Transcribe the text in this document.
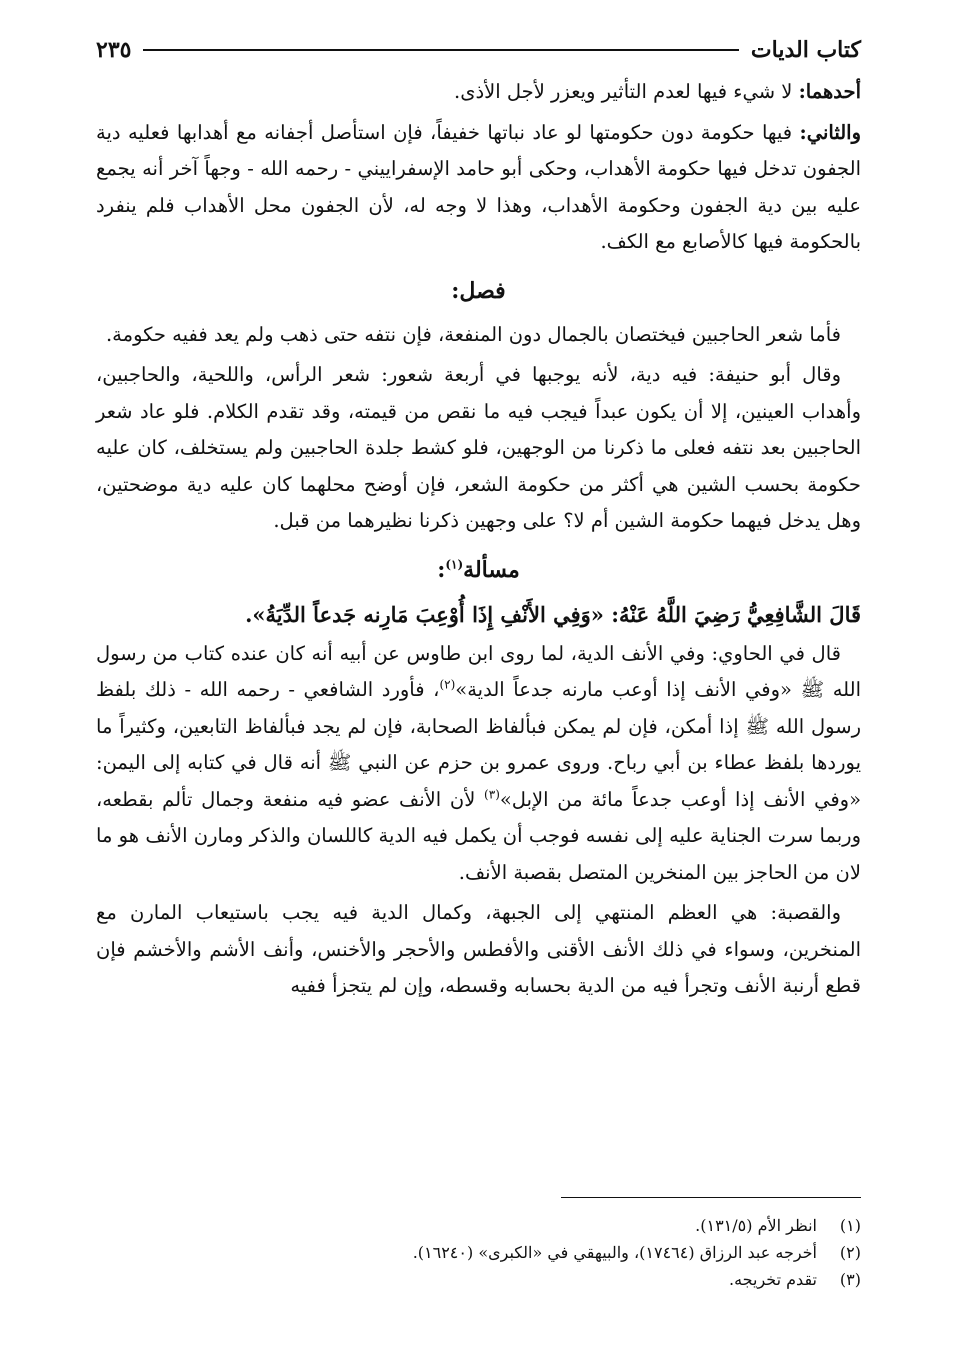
كتاب الديات
٢٣٥

أحدهما: لا شيء فيها لعدم التأثير ويعزر لأجل الأذى.

والثاني: فيها حكومة دون حكومتها لو عاد نباتها خفيفاً، فإن استأصل أجفانه مع أهدابها فعليه دية الجفون تدخل فيها حكومة الأهداب، وحكى أبو حامد الإسفراييني - رحمه الله - وجهاً آخر أنه يجمع عليه بين دية الجفون وحكومة الأهداب، وهذا لا وجه له، لأن الجفون محل الأهداب فلم ينفرد بالحكومة فيها كالأصابع مع الكف.

فصل:

فأما شعر الحاجبين فيختصان بالجمال دون المنفعة، فإن نتفه حتى ذهب ولم يعد ففيه حكومة.

وقال أبو حنيفة: فيه دية، لأنه يوجبها في أربعة شعور: شعر الرأس، واللحية، والحاجبين، وأهداب العينين، إلا أن يكون عبداً فيجب فيه ما نقص من قيمته، وقد تقدم الكلام. فلو عاد شعر الحاجبين بعد نتفه فعلى ما ذكرنا من الوجهين، فلو كشط جلدة الحاجبين ولم يستخلف، كان عليه حكومة بحسب الشين هي أكثر من حكومة الشعر، فإن أوضح محلهما كان عليه دية موضحتين، وهل يدخل فيهما حكومة الشين أم لا؟ على وجهين ذكرنا نظيرهما من قبل.

مسألة$^{(١)}$:

قَالَ الشَّافِعِيُّ رَضِيَ اللَّهُ عَنْهُ: «وَفِي الأَنْفِ إِذَا أُوْعِبَ مَارِنه جَدعاً الدِّيَةُ».

قال في الحاوي: وفي الأنف الدية، لما روى ابن طاوس عن أبيه أنه كان عنده كتاب من رسول الله ﷺ «وفي الأنف إذا أوعب مارنه جدعاً الدية»$^{(٢)}$، فأورد الشافعي - رحمه الله - ذلك بلفظ رسول الله ﷺ إذا أمكن، فإن لم يمكن فبألفاظ الصحابة، فإن لم يجد فبألفاظ التابعين، وكثيراً ما يوردها بلفظ عطاء بن أبي رباح. وروى عمرو بن حزم عن النبي ﷺ أنه قال في كتابه إلى اليمن: «وفي الأنف إذا أوعب جدعاً مائة من الإبل»$^{(٣)}$ لأن الأنف عضو فيه منفعة وجمال تألم بقطعه، وربما سرت الجناية عليه إلى نفسه فوجب أن يكمل فيه الدية كاللسان والذكر ومارن الأنف هو ما لان من الحاجز بين المنخرين المتصل بقصبة الأنف.

والقصبة: هي العظم المنتهي إلى الجبهة، وكمال الدية فيه يجب باستيعاب المارن مع المنخرين، وسواء في ذلك الأنف الأقنى والأفطس والأحجر والأخنس، وأنف الأشم والأخشم فإن قطع أرنبة الأنف وتجرأ فيه من الدية بحسابه وقسطه، وإن لم يتجزأ ففيه

(١)
انظر الأم (١٣١/٥).
(٢)
أخرجه عبد الرزاق (١٧٤٦٤)، والبيهقي في «الكبرى» (١٦٢٤٠).
(٣)
تقدم تخريجه.
